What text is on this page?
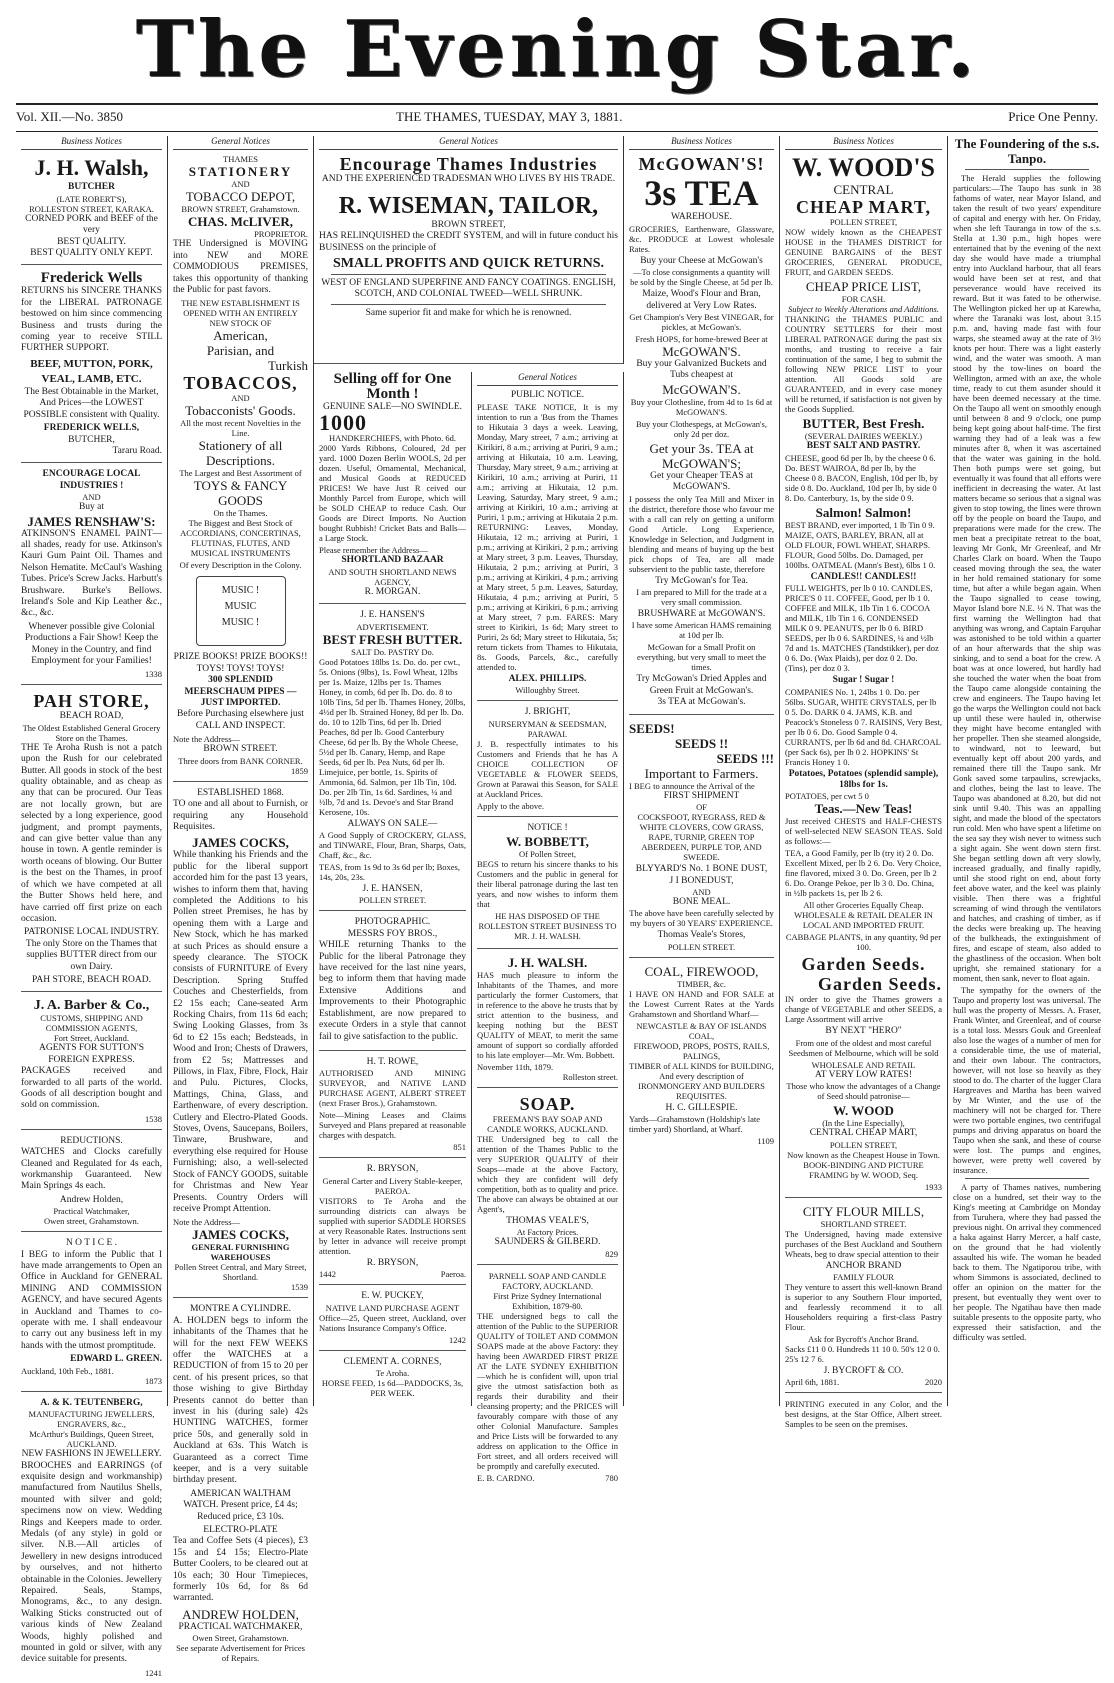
The Evening Star.
Vol. XII.—No. 3850	THE THAMES, TUESDAY, MAY 3, 1881.	Price One Penny.
Business Notices
J. H. Walsh,
BUTCHER
(LATE ROBERT'S),
ROLLESTON STREET, KARAKA.
CORNED PORK and BEEF of the very
BEST QUALITY.
BEST QUALITY ONLY KEPT.
Frederick Wells

RETURNS his SINCERE THANKS for the LIBERAL PATRONAGE bestowed on him since commencing Business and trusts during the coming year to receive STILL FURTHER SUPPORT.

BEEF, MUTTON, PORK, VEAL, LAMB, ETC.

The Best Obtainable in the Market, And Prices—the LOWEST POSSIBLE consistent with Quality.

FREDERICK WELLS,
BUTCHER,
Tararu Road.
ENCOURAGE LOCAL INDUSTRIES !
AND
Buy at
JAMES RENSHAW'S:

ATKINSON'S ENAMEL PAINT—all shades, ready for use. Atkinson's Kauri Gum Paint Oil. Thames and Nelson Hematite. McCaul's Washing Tubes. Price's Screw Jacks. Harbutt's Brushware. Burke's Bellows. Ireland's Sole and Kip Leather &c., &c., &c.

Whenever possible give Colonial Productions a Fair Show! Keep the Money in the Country, and find Employment for your Families!

1338
PAH STORE,
BEACH ROAD,
The Oldest Established General Grocery Store on the Thames.

THE Te Aroha Rush is not a patch upon the Rush for our celebrated Butter. All goods in stock of the best quality obtainable, and as cheap as any that can be procured. Our Teas are not locally grown, but are selected by a long experience, good judgment, and prompt payments, and can give better value than any house in town. A gentle reminder is worth oceans of blowing. Our Butter is the best on the Thames, in proof of which we have competed at all the Butter Shows held here, and have carried off first prize on each occasion.

PATRONISE LOCAL INDUSTRY. The only Store on the Thames that supplies BUTTER direct from our own Dairy.

PAH STORE, BEACH ROAD.
J. A. Barber & Co.,
CUSTOMS, SHIPPING AND COMMISSION AGENTS,
Fort Street, Auckland.
AGENTS FOR SUTTON'S FOREIGN EXPRESS.

PACKAGES received and forwarded to all parts of the world. Goods of all description bought and sold on commission.

1538
REDUCTIONS.

WATCHES and Clocks carefully Cleaned and Regulated for 4s each, workmanship Guaranteed. New Main Springs 4s each.

Andrew Holden,
Practical Watchmaker,
Owen street, Grahamstown.
N O T I C E .

I BEG to inform the Public that I have made arrangements to Open an Office in Auckland for GENERAL MINING AND COMMISSION AGENCY, and have secured Agents in Auckland and Thames to co-operate with me. I shall endeavour to carry out any business left in my hands with the utmost promptitude.

EDWARD L. GREEN.
Auckland, 10th Feb., 1881.
1873
A. & K. TEUTENBERG,
MANUFACTURING JEWELLERS, ENGRAVERS, &c.,
McArthur's Buildings, Queen Street, AUCKLAND.
NEW FASHIONS IN JEWELLERY.

BROOCHES and EARRINGS (of exquisite design and workmanship) manufactured from Nautilus Shells, mounted with silver and gold; specimens now on view. Wedding Rings and Keepers made to order. Medals (of any style) in gold or silver. N.B.—All articles of Jewellery in new designs introduced by ourselves, and not hitherto obtainable in the Colonies. Jewellery Repaired. Seals, Stamps, Monograms, &c., to any design. Walking Sticks constructed out of various kinds of New Zealand Woods, highly polished and mounted in gold or silver, with any device suitable for presents.

1241
General Notices
THAMES
STATIONERY
AND
TOBACCO DEPOT,
BROWN STREET, Grahamstown.
CHAS. McLIVER,
PROPRIETOR.

THE Undersigned is MOVING into NEW and MORE COMMODIOUS PREMISES, takes this opportunity of thanking the Public for past favors.

THE NEW ESTABLISHMENT IS OPENED WITH AN ENTIRELY NEW STOCK OF
American,
Parisian, and
Turkish
TOBACCOS,
AND
Tobacconists' Goods.
All the most recent Novelties in the Line.
Stationery of all Descriptions.
The Largest and Best Assortment of
TOYS & FANCY GOODS
On the Thames.

The Biggest and Best Stock of ACCORDIANS, CONCERTINAS, FLUTINAS, FLUTES, AND MUSICAL INSTRUMENTS

Of every Description in the Colony.
MUSIC !
MUSIC
MUSIC !
PRIZE BOOKS! PRIZE BOOKS!!
TOYS! TOYS! TOYS!
300 SPLENDID MEERSCHAUM PIPES —JUST IMPORTED.

Before Purchasing elsewhere just CALL AND INSPECT.

Note the Address—
BROWN STREET.
Three doors from BANK CORNER.
1859
ESTABLISHED 1868.

TO one and all about to Furnish, or requiring any Household Requisites.

JAMES COCKS,

While thanking his Friends and the public for the liberal support accorded him for the past 13 years, wishes to inform them that, having completed the Additions to his Pollen street Premises, he has by opening them with a Large and New Stock, which he has marked at such Prices as should ensure a speedy clearance. The STOCK consists of FURNITURE of Every Description. Spring Stuffed Couches and Chesterfields, from £2 15s each; Cane-seated Arm Rocking Chairs, from 11s 6d each; Swing Looking Glasses, from 3s 6d to £2 15s each; Bedsteads, in Wood and Iron; Chests of Drawers, from £2 5s; Mattresses and Pillows, in Flax, Fibre, Flock, Hair and Pulu. Pictures, Clocks, Mattings, China, Glass, and Earthenware, of every description. Cutlery and Electro-Plated Goods. Stoves, Ovens, Saucepans, Boilers, Tinware, Brushware, and everything else required for House Furnishing; also, a well-selected Stock of FANCY GOODS, suitable for Christmas and New Year Presents. Country Orders will receive Prompt Attention.

Note the Address—
JAMES COCKS,
GENERAL FURNISHING WAREHOUSES
Pollen Street Central, and Mary Street, Shortland.
1539
MONTRE A CYLINDRE.

A. HOLDEN begs to inform the inhabitants of the Thames that he will for the next FEW WEEKS offer the WATCHES at a REDUCTION of from 15 to 20 per cent. of his present prices, so that those wishing to give Birthday Presents cannot do better than invest in his (during sale) 42s HUNTING WATCHES, former price 50s, and generally sold in Auckland at 63s. This Watch is Guaranteed as a correct Time keeper, and is a very suitable birthday present.

AMERICAN WALTHAM WATCH. Present price, £4 4s; Reduced price, £3 10s.

ELECTRO-PLATE

Tea and Coffee Sets (4 pieces), £3 15s and £4 15s; Electro-Plate Butter Coolers, to be cleared out at 10s each; 30 Hour Timepieces, formerly 10s 6d, for 8s 6d warranted.

ANDREW HOLDEN,
PRACTICAL WATCHMAKER,
Owen Street, Grahamstown.

See separate Advertisement for Prices of Repairs.

General Notices
Encourage Thames Industries
AND THE EXPERIENCED TRADESMAN WHO LIVES BY HIS TRADE.
R. WISEMAN, TAILOR,
BROWN STREET,

HAS RELINQUISHED the CREDIT SYSTEM, and will in future conduct his BUSINESS on the principle of

SMALL PROFITS AND QUICK RETURNS.

WEST OF ENGLAND SUPERFINE AND FANCY COATINGS. ENGLISH, SCOTCH, AND COLONIAL TWEED—WELL SHRUNK.

Same superior fit and make for which he is renowned.
Selling off for One Month !
GENUINE SALE—NO SWINDLE.
1000
HANDKERCHIEFS, with Photo. 6d.

2000 Yards Ribbons, Coloured, 2d per yard. 1000 Dozen Berlin WOOLS, 2d per dozen. Useful, Ornamental, Mechanical, and Musical Goods at REDUCED PRICES! We have Just R ceived our Monthly Parcel from Europe, which will be SOLD CHEAP to reduce Cash. Our Goods are Direct Imports. No Auction bought Rubbish! Cricket Bats and Balls—a Large Stock.

Please remember the Address—
SHORTLAND BAZAAR
AND SOUTH SHORTLAND NEWS AGENCY,
R. MORGAN.
J. E. HANSEN'S
ADVERTISEMENT.
BEST FRESH BUTTER.
SALT Do. PASTRY Do.

Good Potatoes 18lbs 1s. Do. do. per cwt., 5s. Onions (9lbs), 1s. Fowl Wheat, 12lbs per 1s. Maize, 12lbs per 1s. Thames Honey, in comb, 6d per lb. Do. do. 8 to 10lb Tins, 5d per lb. Thames Honey, 20lbs, 4½d per lb. Strained Honey, 8d per lb. Do. do. 10 to 12lb Tins, 6d per lb. Dried Peaches, 8d per lb. Good Canterbury Cheese, 6d per lb. By the Whole Cheese, 5½d per lb. Canary, Hemp, and Rape Seeds, 6d per lb. Pea Nuts, 6d per lb. Limejuice, per bottle, 1s. Spirits of Ammonia, 6d. Salmon, per 1lb Tin, 10d. Do. per 2lb Tin, 1s 6d. Sardines, ¼ and ½lb, 7d and 1s. Devoe's and Star Brand Kerosene, 10s.

ALWAYS ON SALE—

A Good Supply of CROCKERY, GLASS, and TINWARE, Flour, Bran, Sharps, Oats, Chaff, &c., &c.

TEAS, from 1s 9d to 3s 6d per lb; Boxes, 14s, 20s, 23s.

J. E. HANSEN,
POLLEN STREET.
PHOTOGRAPHIC.
MESSRS FOY BROS.,

WHILE returning Thanks to the Public for the liberal Patronage they have received for the last nine years, beg to inform them that having made Extensive Additions and Improvements to their Photographic Establishment, are now prepared to execute Orders in a style that cannot fail to give satisfaction to the public.

H. T. ROWE,

AUTHORISED AND MINING SURVEYOR, and NATIVE LAND PURCHASE AGENT, ALBERT STREET (next Fraser Bros.), Grahamstown.

Note—Mining Leases and Claims Surveyed and Plans prepared at reasonable charges with despatch.

851
R. BRYSON,
General Carter and Livery Stable-keeper,
PAEROA.

VISITORS to Te Aroha and the surrounding districts can always be supplied with superior SADDLE HORSES at very Reasonable Rates. Instructions sent by letter in advance will receive prompt attention.

R. BRYSON,
1442	Paeroa.
E. W. PUCKEY,
NATIVE LAND PURCHASE AGENT

Office—25, Queen street, Auckland, over Nations Insurance Company's Office.

1242
CLEMENT A. CORNES,
Te Aroha.

HORSE FEED, 1s 6d—PADDOCKS, 3s, PER WEEK.

General Notices
PUBLIC NOTICE.

PLEASE TAKE NOTICE, It is my intention to run a 'Bus from the Thames to Hikutaia 3 days a week. Leaving, Monday, Mary street, 7 a.m.; arriving at Kirikiri, 8 a.m.; arriving at Puriri, 9 a.m.; arriving at Hikutaia, 10 a.m. Leaving, Thursday, Mary street, 9 a.m.; arriving at Kirikiri, 10 a.m.; arriving at Puriri, 11 a.m.; arriving at Hikutaia, 12 p.m. Leaving, Saturday, Mary street, 9 a.m.; arriving at Kirikiri, 10 a.m.; arriving at Puriri, 1 p.m.; arriving at Hikutaia 2 p.m. RETURNING: Leaves, Monday, Hikutaia, 12 m.; arriving at Puriri, 1 p.m.; arriving at Kirikiri, 2 p.m.; arriving at Mary street, 3 p.m. Leaves, Thursday, Hikutaia, 2 p.m.; arriving at Puriri, 3 p.m.; arriving at Kirikiri, 4 p.m.; arriving at Mary street, 5 p.m. Leaves, Saturday, Hikutaia, 4 p.m.; arriving at Puriri, 5 p.m.; arriving at Kirikiri, 6 p.m.; arriving at Mary street, 7 p.m. FARES: Mary street to Kirikiri, 1s 6d; Mary street to Puriri, 2s 6d; Mary street to Hikutaia, 5s; return tickets from Thames to Hikutaia, 8s. Goods, Parcels, &c., carefully attended to.

ALEX. PHILLIPS.
Willoughby Street.
J. BRIGHT,
NURSERYMAN & SEEDSMAN,
PARAWAI.

J. B. respectfully intimates to his Customers and Friends that he has A CHOICE COLLECTION OF VEGETABLE & FLOWER SEEDS, Grown at Parawai this Season, for SALE at Auckland Prices.

Apply to the above.
NOTICE !
W. BOBBETT,
Of Pollen Street,

BEGS to return his sincere thanks to his Customers and the public in general for their liberal patronage during the last ten years, and now wishes to inform them that

HE HAS DISPOSED OF THE ROLLESTON STREET BUSINESS TO MR. J. H. WALSH.

J. H. WALSH.

HAS much pleasure to inform the Inhabitants of the Thames, and more particularly the former Customers, that in reference to the above he trusts that by strict attention to the business, and keeping nothing but the BEST QUALITY of MEAT, to merit the same amount of support so cordially afforded to his late employer—Mr. Wm. Bobbett.

November 11th, 1879.
Rolleston street.
SOAP.
FREEMAN'S BAY SOAP AND CANDLE WORKS, AUCKLAND.

THE Undersigned beg to call the attention of the Thames Public to the very SUPERIOR QUALITY of their Soaps—made at the above Factory, which they are confident will defy competition, both as to quality and price. The above can always be obtained at our Agent's,

THOMAS VEALE'S,
At Factory Prices.
SAUNDERS & GILBERD.
829
PARNELL SOAP AND CANDLE FACTORY, AUCKLAND.
First Prize Sydney International Exhibition, 1879-80.

THE undersigned begs to call the attention of the Public to the SUPERIOR QUALITY of TOILET AND COMMON SOAPS made at the above Factory: they having been AWARDED FIRST PRIZE AT the LATE SYDNEY EXHIBITION—which he is confident will, upon trial give the utmost satisfaction both as regards their durability and their cleansing property; and the PRICES will favourably compare with those of any other Colonial Manufacture. Samples and Price Lists will be forwarded to any address on application to the Office in Fort street, and all orders received will be promptly and carefully executed.

E. B. CARDNO.	780
Business Notices
McGOWAN'S!
3s TEA
WAREHOUSE.

GROCERIES, Earthenware, Glassware, &c. PRODUCE at Lowest wholesale Rates.

Buy your Cheese at McGowan's

—To close consignments a quantity will be sold by the Single Cheese, at 5d per lb.

Maize, Wood's Flour and Bran, delivered at Very Low Rates.

Get Champion's Very Best VINEGAR, for pickles, at McGowan's.

Fresh HOPS, for home-brewed Beer at
McGOWAN'S.
Buy your Galvanized Buckets and Tubs cheapest at
McGOWAN'S.

Buy your Clothesline, from 4d to 1s 6d at McGOWAN'S.

Buy your Clothespegs, at McGowan's, only 2d per doz.

Get your 3s. TEA at McGOWAN'S;
Get your Cheaper TEAS at McGOWAN'S.

I possess the only Tea Mill and Mixer in the district, therefore those who favour me with a call can rely on getting a uniform Good Article. Long Experience, Knowledge in Selection, and Judgment in blending and means of buying up the best pick chops of Tea, are all made subservient to the public taste, therefore

Try McGowan's for Tea.

I am prepared to Mill for the trade at a very small commission.

BRUSHWARE at McGOWAN'S.

I have some American HAMS remaining at 10d per lb.

McGowan for a Small Profit on everything, but very small to meet the times.

Try McGowan's Dried Apples and Green Fruit at McGowan's.
3s TEA at McGowan's.
SEEDS!
SEEDS !!
SEEDS !!!
Important to Farmers.
I BEG to announce the Arrival of the
FIRST SHIPMENT
OF

COCKSFOOT, RYEGRASS, RED & WHITE CLOVERS, COW GRASS, RAPE, TURNIP, GREEN TOP ABERDEEN, PURPLE TOP, AND SWEEDE.

BLYYARD'S No. 1 BONE DUST,
J I BONEDUST,
AND
BONE MEAL.

The above have been carefully selected by my buyers of 30 YEARS' EXPERIENCE.

Thomas Veale's Stores,
POLLEN STREET.
COAL, FIREWOOD,
TIMBER, &c.

I HAVE ON HAND and FOR SALE at the Lowest Current Rates at the Yards Grahamstown and Shortland Wharf—

NEWCASTLE & BAY OF ISLANDS COAL,
FIREWOOD, PROPS, POSTS, RAILS, PALINGS,

TIMBER of ALL KINDS for BUILDING, And every description of IRONMONGERY AND BUILDERS REQUISITES.

H. C. GILLESPIE.

Yards—Grahamstown (Holdship's late timber yard) Shortland, at Wharf.

1109
Business Notices
W. WOOD'S
CENTRAL
CHEAP MART,
POLLEN STREET,

NOW widely known as the CHEAPEST HOUSE in the THAMES DISTRICT for GENUINE BARGAINS of the BEST GROCERIES, GENERAL PRODUCE, FRUIT, and GARDEN SEEDS.

CHEAP PRICE LIST,
FOR CASH.
Subject to Weekly Alterations and Additions.

THANKING the THAMES PUBLIC and COUNTRY SETTLERS for their most LIBERAL PATRONAGE during the past six months, and trusting to receive a fair continuation of the same, I beg to submit the following NEW PRICE LIST to your attention. All Goods sold are GUARANTEED, and in every case money will be returned, if satisfaction is not given by the Goods Supplied.

BUTTER, Best Fresh.
(SEVERAL DAIRIES WEEKLY.)
BEST SALT AND PASTRY.

CHEESE, good 6d per lb, by the cheese 0 6. Do. BEST WAIROA, 8d per lb, by the Cheese 0 8. BACON, English, 10d per lb, by side 0 8. Do. Auckland, 10d per lb, by side 0 8. Do. Canterbury, 1s, by the side 0 9.

Salmon! Salmon!

BEST BRAND, ever imported, 1 lb Tin 0 9. MAIZE, OATS, BARLEY, BRAN, all at OLD FLOUR, FOWL WHEAT, SHARPS. FLOUR, Good 50lbs. Do. Damaged, per 100lbs. OATMEAL (Mann's Best), 6lbs 1 0.

CANDLES!! CANDLES!!

FULL WEIGHTS, per lb 0 10. CANDLES, PRICE'S 0 11. COFFEE, Good, per lb 1 0. COFFEE and MILK, 1lb Tin 1 6. COCOA and MILK, 1lb Tin 1 6. CONDENSED MILK 0 9. PEANUTS, per lb 0 6. BIRD SEEDS, per lb 0 6. SARDINES, ¼ and ½lb 7d and 1s. MATCHES (Tandstikker), per doz 0 6. Do. (Wax Plaids), per doz 0 2. Do. (Tins), per doz 0 3.

Sugar ! Sugar !

COMPANIES No. 1, 24lbs 1 0. Do. per 56lbs. SUGAR, WHITE CRYSTALS, per lb 0 5. Do. DARK 0 4. JAMS, K.B. and Peacock's Stoneless 0 7. RAISINS, Very Best, per lb 0 6. Do. Good Sample 0 4. CURRANTS, per lb 6d and 8d. CHARCOAL (per Sack 6s), per lb 0 2. HOPKINS' St Francis Honey 1 0.

Potatoes, Potatoes (splendid sample), 18lbs for 1s.
POTATOES, per cwt 5 0
Teas.—New Teas!

Just received CHESTS and HALF-CHESTS of well-selected NEW SEASON TEAS. Sold as follows:—

TEA, a Good Family, per lb (try it) 2 0. Do. Excellent Mixed, per lb 2 6. Do. Very Choice, fine flavored, mixed 3 0. Do. Green, per lb 2 6. Do. Orange Pekoe, per lb 3 0. Do. China, in ½lb packets 1s, per lb 2 6.

All other Groceries Equally Cheap.

WHOLESALE & RETAIL DEALER IN LOCAL AND IMPORTED FRUIT.

CABBAGE PLANTS, in any quantity, 9d per 100.

Garden Seeds.
Garden Seeds.

IN order to give the Thames growers a change of VEGETABLE and other SEEDS, a Large Assortment will arrive

BY NEXT "HERO"

From one of the oldest and most careful Seedsmen of Melbourne, which will be sold

WHOLESALE AND RETAIL
AT VERY LOW RATES!

Those who know the advantages of a Change of Seed should patronise—

W. WOOD
(In the Line Especially),
CENTRAL CHEAP MART,
POLLEN STREET,
Now known as the Cheapest House in Town.

BOOK-BINDING AND PICTURE FRAMING by W. WOOD, Seq.

1933
CITY FLOUR MILLS,
SHORTLAND STREET.

The Undersigned, having made extensive purchases of the Best Auckland and Southern Wheats, beg to draw special attention to their

ANCHOR BRAND
FAMILY FLOUR

They venture to assert this well-known Brand is superior to any Southern Flour imported, and fearlessly recommend it to all Householders requiring a first-class Pastry Flour.

Ask for Bycroft's Anchor Brand.

Sacks £11 0 0. Hundreds 11 10 0. 50's 12 0 0. 25's 12 7 6.

J. BYCROFT & CO.
April 6th, 1881.	2020

PRINTING executed in any Color, and the best designs, at the Star Office, Albert street. Samples to be seen on the premises.

The Foundering of the s.s. Tanpo.

The Herald supplies the following particulars:—The Taupo has sunk in 38 fathoms of water, near Mayor Island, and taken the result of two years' expenditure of capital and energy with her. On Friday, when she left Tauranga in tow of the s.s. Stella at 1.30 p.m., high hopes were entertained that by the evening of the next day she would have made a triumphal entry into Auckland harbour, that all fears would have been set at rest, and that perseverance would have received its reward. But it was fated to be otherwise. The Wellington picked her up at Karewha, where the Taranaki was lost, about 3.15 p.m. and, having made fast with four warps, she steamed away at the rate of 3½ knots per hour. There was a light easterly wind, and the water was smooth. A man stood by the tow-lines on board the Wellington, armed with an axe, the whole time, ready to cut them asunder should it have been deemed necessary at the time. On the Taupo all went on smoothly enough until between 8 and 9 o'clock, one pump being kept going about half-time. The first warning they had of a leak was a few minutes after 8, when it was ascertained that the water was gaining in the hold. Then both pumps were set going, but eventually it was found that all efforts were inefficient in decreasing the water. At last matters became so serious that a signal was given to stop towing, the lines were thrown off by the people on board the Taupo, and preparations were made for the crew. The men beat a precipitate retreat to the boat, leaving Mr Gonk, Mr Greenleaf, and Mr Charles Clark on board. When the Taupo ceased moving through the sea, the water in her hold remained stationary for some time, but after a while began again. When the Taupo signalled to cease towing, Mayor Island bore N.E. ½ N. That was the first warning the Wellington had that anything was wrong, and Captain Farquhar was astonished to be told within a quarter of an hour afterwards that the ship was sinking, and to send a boat for the crew. A boat was at once lowered, but hardly had she touched the water when the boat from the Taupo came alongside containing the crew and engineers. The Taupo having let go the warps the Wellington could not back up until these were hauled in, otherwise they might have become entangled with her propeller. Then she steamed alongside, to windward, not to leeward, but eventually kept off about 200 yards, and remained there till the Taupo sank. Mr Gonk saved some tarpaulins, screwjacks, and clothes, being the last to leave. The Taupo was abandoned at 8.20, but did not sink until 9.40. This was an appalling sight, and made the blood of the spectators run cold. Men who have spent a lifetime on the sea say they wish never to witness such a sight again. She went down stern first. She began settling down aft very slowly, increased gradually, and finally rapidly, until she stood right on end, about forty feet above water, and the keel was plainly visible. Then there was a frightful screaming of wind through the ventilators and hatches, and crashing of timber, as if the decks were breaking up. The heaving of the bulkheads, the extinguishment of fires, and escape of steam, also added to the ghastliness of the occasion. When bolt upright, she remained stationary for a moment, then sank, never to float again.

The sympathy for the owners of the Taupo and property lost was universal. The hull was the property of Messrs. A. Fraser, Frank Winter, and Greenleaf, and of course is a total loss. Messrs Gouk and Greenleaf also lose the wages of a number of men for a considerable time, the use of material, and their own labour. The contractors, however, will not lose so heavily as they stood to do. The charter of the lugger Clara Hargreaves and Martha has been waived by Mr Winter, and the use of the machinery will not be charged for. There were two portable engines, two centrifugal pumps and driving apparatus on board the Taupo when she sank, and these of course were lost. The pumps and engines, however, were pretty well covered by insurance.

A party of Thames natives, numbering close on a hundred, set their way to the King's meeting at Cambridge on Monday from Turuhera, where they had passed the previous night. On arrival they commenced a haka against Harry Mercer, a half caste, on the ground that he had violently assaulted his wife. The woman he beaded back to them. The Ngatiporou tribe, with whom Simmons is associated, declined to offer an opinion on the matter for the present, but eventually they went over to her people. The Ngatihau have then made suitable presents to the opposite party, who expressed their satisfaction, and the difficulty was settled.
